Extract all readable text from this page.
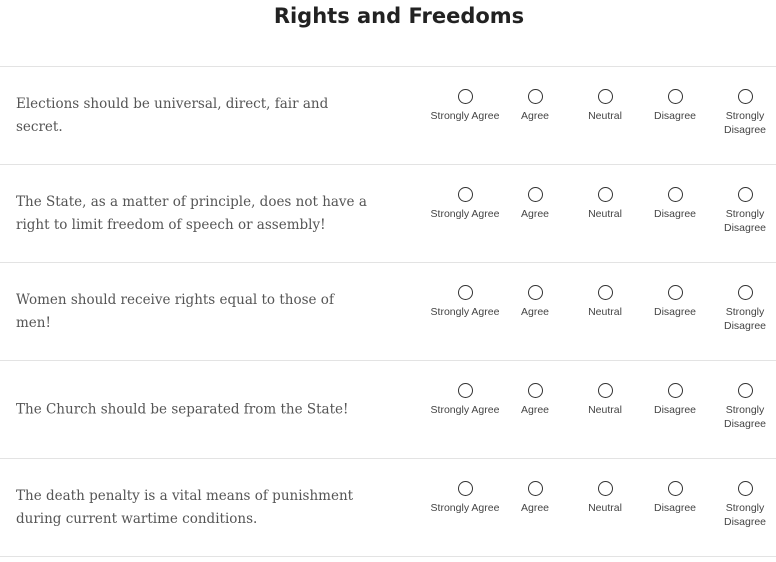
Rights and Freedoms
Elections should be universal, direct, fair and secret.
Strongly Agree	Agree	Neutral	Disagree	Strongly Disagree
The State, as a matter of principle, does not have a right to limit freedom of speech or assembly!
Strongly Agree	Agree	Neutral	Disagree	Strongly Disagree
Women should receive rights equal to those of men!
Strongly Agree	Agree	Neutral	Disagree	Strongly Disagree
The Church should be separated from the State!	Strongly Agree	Agree	Neutral	Disagree	Strongly Disagree
The death penalty is a vital means of punishment during current wartime conditions.
Strongly Agree	Agree	Neutral	Disagree	Strongly Disagree
